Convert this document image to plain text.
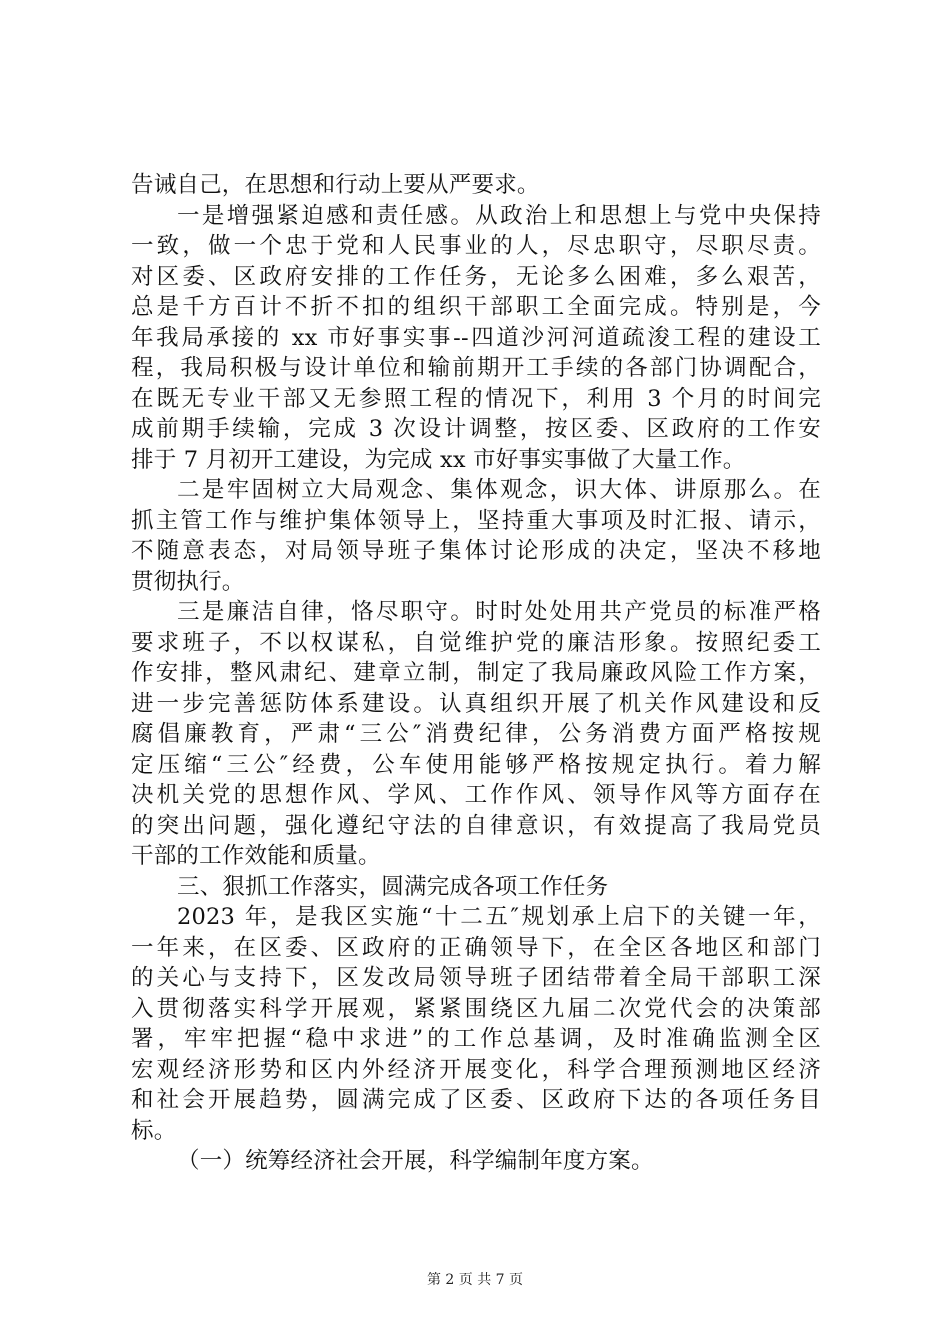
告诫自己，在思想和行动上要从严要求。
一是增强紧迫感和责任感。从政治上和思想上与党中央保持
一致，做一个忠于党和人民事业的人，尽忠职守，尽职尽责。
对区委、区政府安排的工作任务，无论多么困难，多么艰苦，
总是千方百计不折不扣的组织干部职工全面完成。特别是，今
年我局承接的 xx 市好事实事--四道沙河河道疏浚工程的建设工
程，我局积极与设计单位和输前期开工手续的各部门协调配合，
在既无专业干部又无参照工程的情况下，利用 3 个月的时间完
成前期手续输，完成 3 次设计调整，按区委、区政府的工作安
排于 7 月初开工建设，为完成 xx 市好事实事做了大量工作。
二是牢固树立大局观念、集体观念，识大体、讲原那么。在
抓主管工作与维护集体领导上，坚持重大事项及时汇报、请示，
不随意表态，对局领导班子集体讨论形成的决定，坚决不移地
贯彻执行。
三是廉洁自律，恪尽职守。时时处处用共产党员的标准严格
要求班子，不以权谋私，自觉维护党的廉洁形象。按照纪委工
作安排，整风肃纪、建章立制，制定了我局廉政风险工作方案，
进一步完善惩防体系建设。认真组织开展了机关作风建设和反
腐倡廉教育，严肃“三公″消费纪律，公务消费方面严格按规
定压缩“三公″经费，公车使用能够严格按规定执行。着力解
决机关党的思想作风、学风、工作作风、领导作风等方面存在
的突出问题，强化遵纪守法的自律意识，有效提高了我局党员
干部的工作效能和质量。
三、狠抓工作落实，圆满完成各项工作任务
2023 年，是我区实施“十二五″规划承上启下的关键一年，
一年来，在区委、区政府的正确领导下，在全区各地区和部门
的关心与支持下，区发改局领导班子团结带着全局干部职工深
入贯彻落实科学开展观，紧紧围绕区九届二次党代会的决策部
署，牢牢把握“稳中求进”的工作总基调，及时准确监测全区
宏观经济形势和区内外经济开展变化，科学合理预测地区经济
和社会开展趋势，圆满完成了区委、区政府下达的各项任务目
标。
（一）统筹经济社会开展，科学编制年度方案。
第 2 页 共 7 页
